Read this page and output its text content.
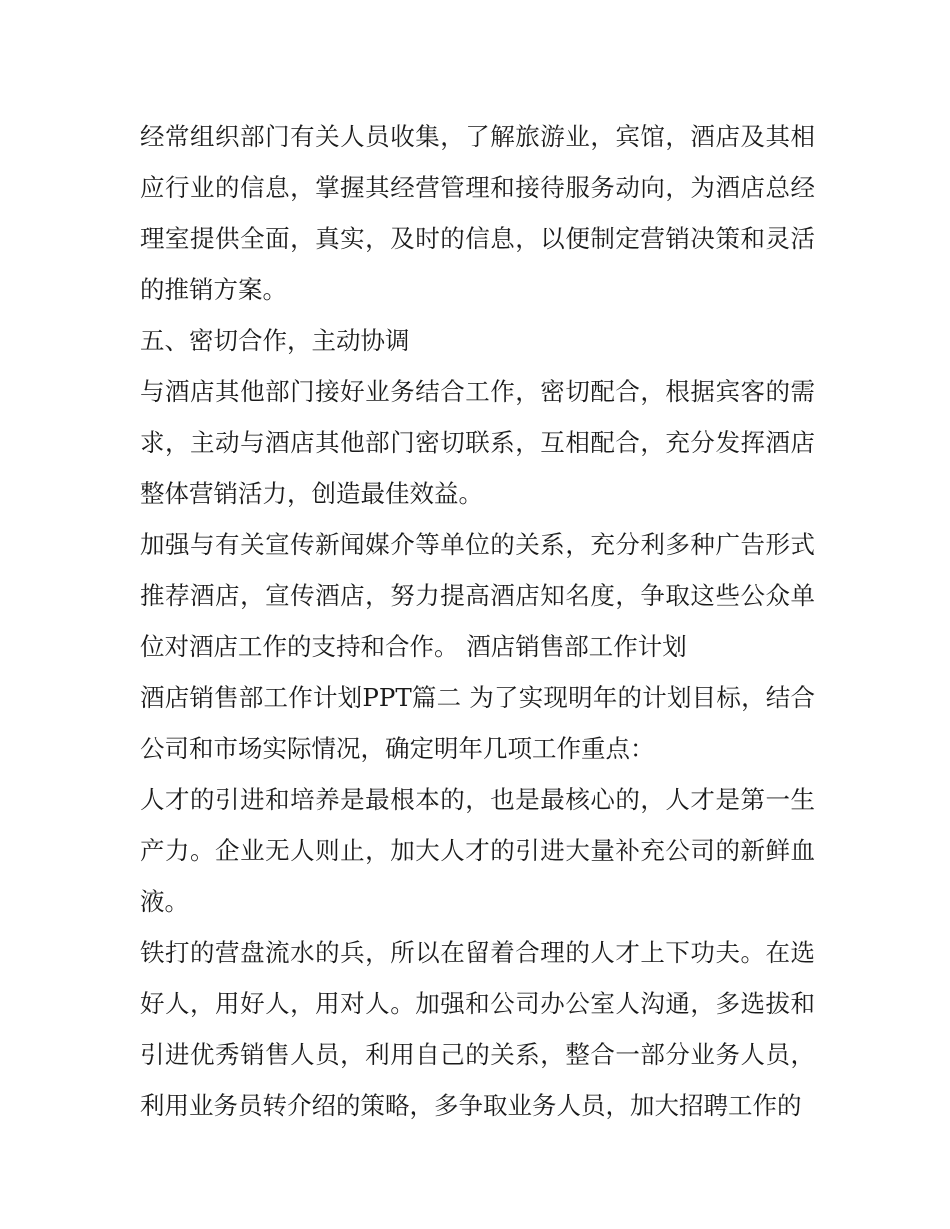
经常组织部门有关人员收集，了解旅游业，宾馆，酒店及其相应行业的信息，掌握其经营管理和接待服务动向，为酒店总经理室提供全面，真实，及时的信息，以便制定营销决策和灵活的推销方案。

五、密切合作，主动协调

与酒店其他部门接好业务结合工作，密切配合，根据宾客的需求，主动与酒店其他部门密切联系，互相配合，充分发挥酒店整体营销活力，创造最佳效益。

加强与有关宣传新闻媒介等单位的关系，充分利多种广告形式推荐酒店，宣传酒店，努力提高酒店知名度，争取这些公众单位对酒店工作的支持和合作。 酒店销售部工作计划

酒店销售部工作计划PPT篇二 为了实现明年的计划目标，结合公司和市场实际情况，确定明年几项工作重点：

人才的引进和培养是最根本的，也是最核心的，人才是第一生产力。企业无人则止，加大人才的引进大量补充公司的新鲜血液。

铁打的营盘流水的兵，所以在留着合理的人才上下功夫。在选好人，用好人，用对人。加强和公司办公室人沟通，多选拔和引进优秀销售人员，利用自己的关系，整合一部分业务人员，利用业务员转介绍的策略，多争取业务人员，加大招聘工作的
